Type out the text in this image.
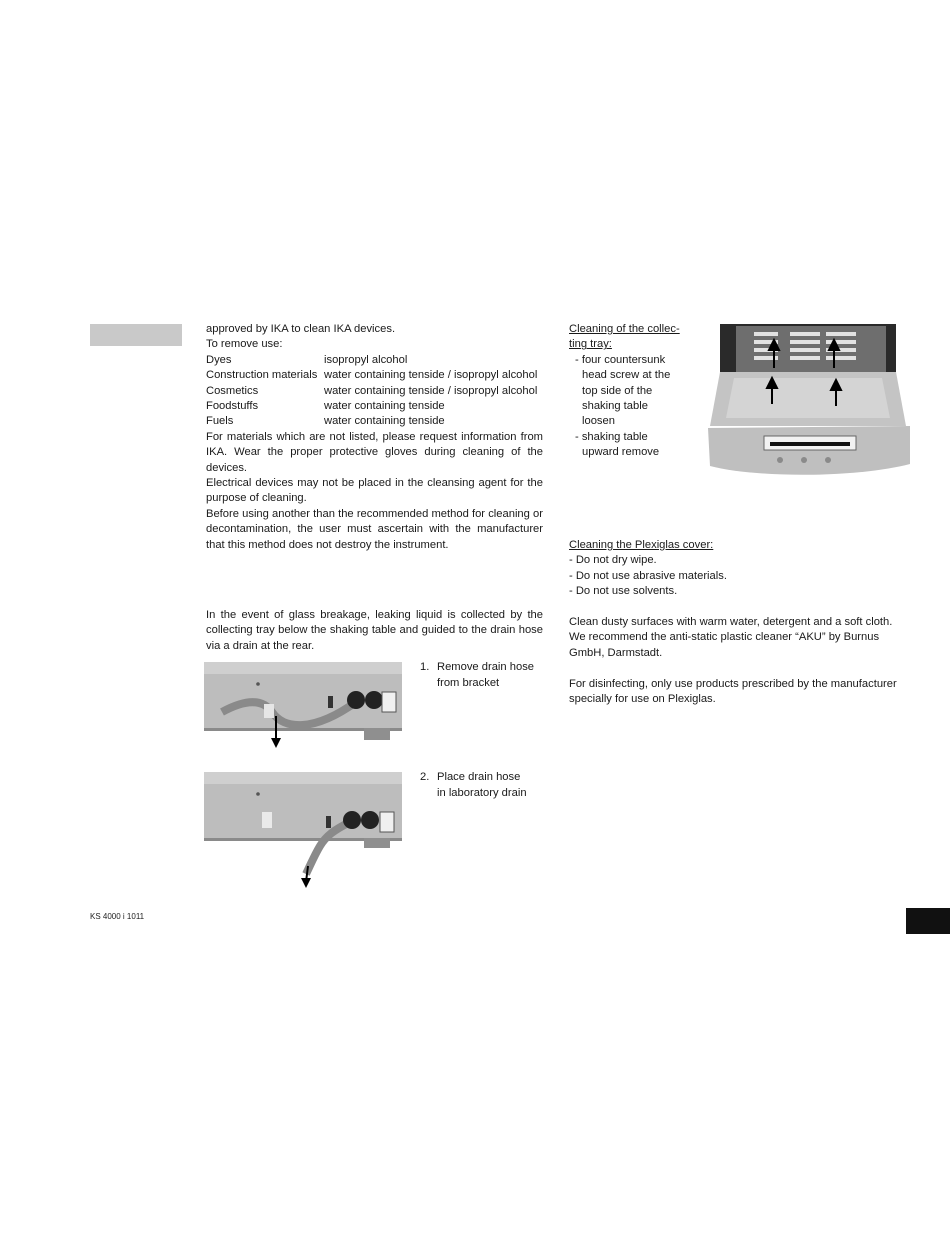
KS 4000 i 1011

approved by IKA to clean IKA devices.

To remove use:

Dyes	isopropyl alcohol
Construction materials	water containing tenside / isopropyl alcohol
Cosmetics	water containing tenside / isopropyl alcohol
Foodstuffs	water containing tenside
Fuels	water containing tenside

For materials which are not listed, please request information from IKA. Wear the proper protective gloves during cleaning of the devices.

Electrical devices may not be placed in the cleansing agent for the purpose of cleaning.

Before using another than the recommended method for cleaning or decontamination, the user must ascertain with the manufacturer that this method does not destroy the instrument.

In the event of glass breakage, leaking liquid is collected by the collecting tray below the shaking table and guided to the drain hose via a drain at the rear.

1. Remove drain hose
from bracket
2. Place drain hose
in laboratory drain
Cleaning of the collec-
ting tray:
- four countersunk
head screw at the
top side of the
shaking table
loosen
- shaking table
upward remove
Cleaning the Plexiglas cover:
- Do not dry wipe.
- Do not use abrasive materials.
- Do not use solvents.

Clean dusty surfaces with warm water, detergent and a soft cloth.

We recommend the anti-static plastic cleaner “AKU” by Burnus GmbH, Darmstadt.

For disinfecting, only use products prescribed by the manufacturer specially for use on Plexiglas.
